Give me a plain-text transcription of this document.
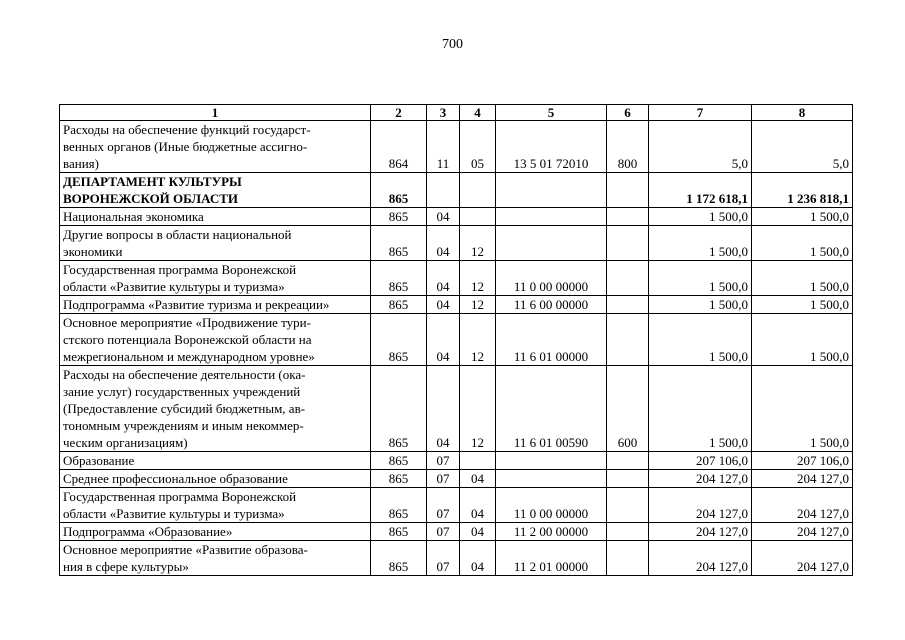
700
1	2	3	4	5	6	7	8
Расходы на обеспечение функций государст-
венных органов (Иные бюджетные ассигно-
вания)	864	11	05	13 5 01 72010	800	5,0	5,0
ДЕПАРТАМЕНТ КУЛЬТУРЫ
ВОРОНЕЖСКОЙ ОБЛАСТИ	865					1 172 618,1	1 236 818,1
Национальная экономика	865	04				1 500,0	1 500,0
Другие вопросы в области национальной
экономики	865	04	12			1 500,0	1 500,0
Государственная программа Воронежской
области «Развитие культуры и туризма»	865	04	12	11 0 00 00000		1 500,0	1 500,0
Подпрограмма «Развитие туризма и рекреации»	865	04	12	11 6 00 00000		1 500,0	1 500,0
Основное мероприятие «Продвижение тури-
стского потенциала Воронежской области на
межрегиональном и международном уровне»	865	04	12	11 6 01 00000		1 500,0	1 500,0
Расходы на обеспечение деятельности (ока-
зание услуг) государственных учреждений
(Предоставление субсидий бюджетным, ав-
тономным учреждениям и иным некоммер-
ческим организациям)	865	04	12	11 6 01 00590	600	1 500,0	1 500,0
Образование	865	07				207 106,0	207 106,0
Среднее профессиональное образование	865	07	04			204 127,0	204 127,0
Государственная программа Воронежской
области «Развитие культуры и туризма»	865	07	04	11 0 00 00000		204 127,0	204 127,0
Подпрограмма «Образование»	865	07	04	11 2 00 00000		204 127,0	204 127,0
Основное мероприятие «Развитие образова-
ния в сфере культуры»	865	07	04	11 2 01 00000		204 127,0	204 127,0
